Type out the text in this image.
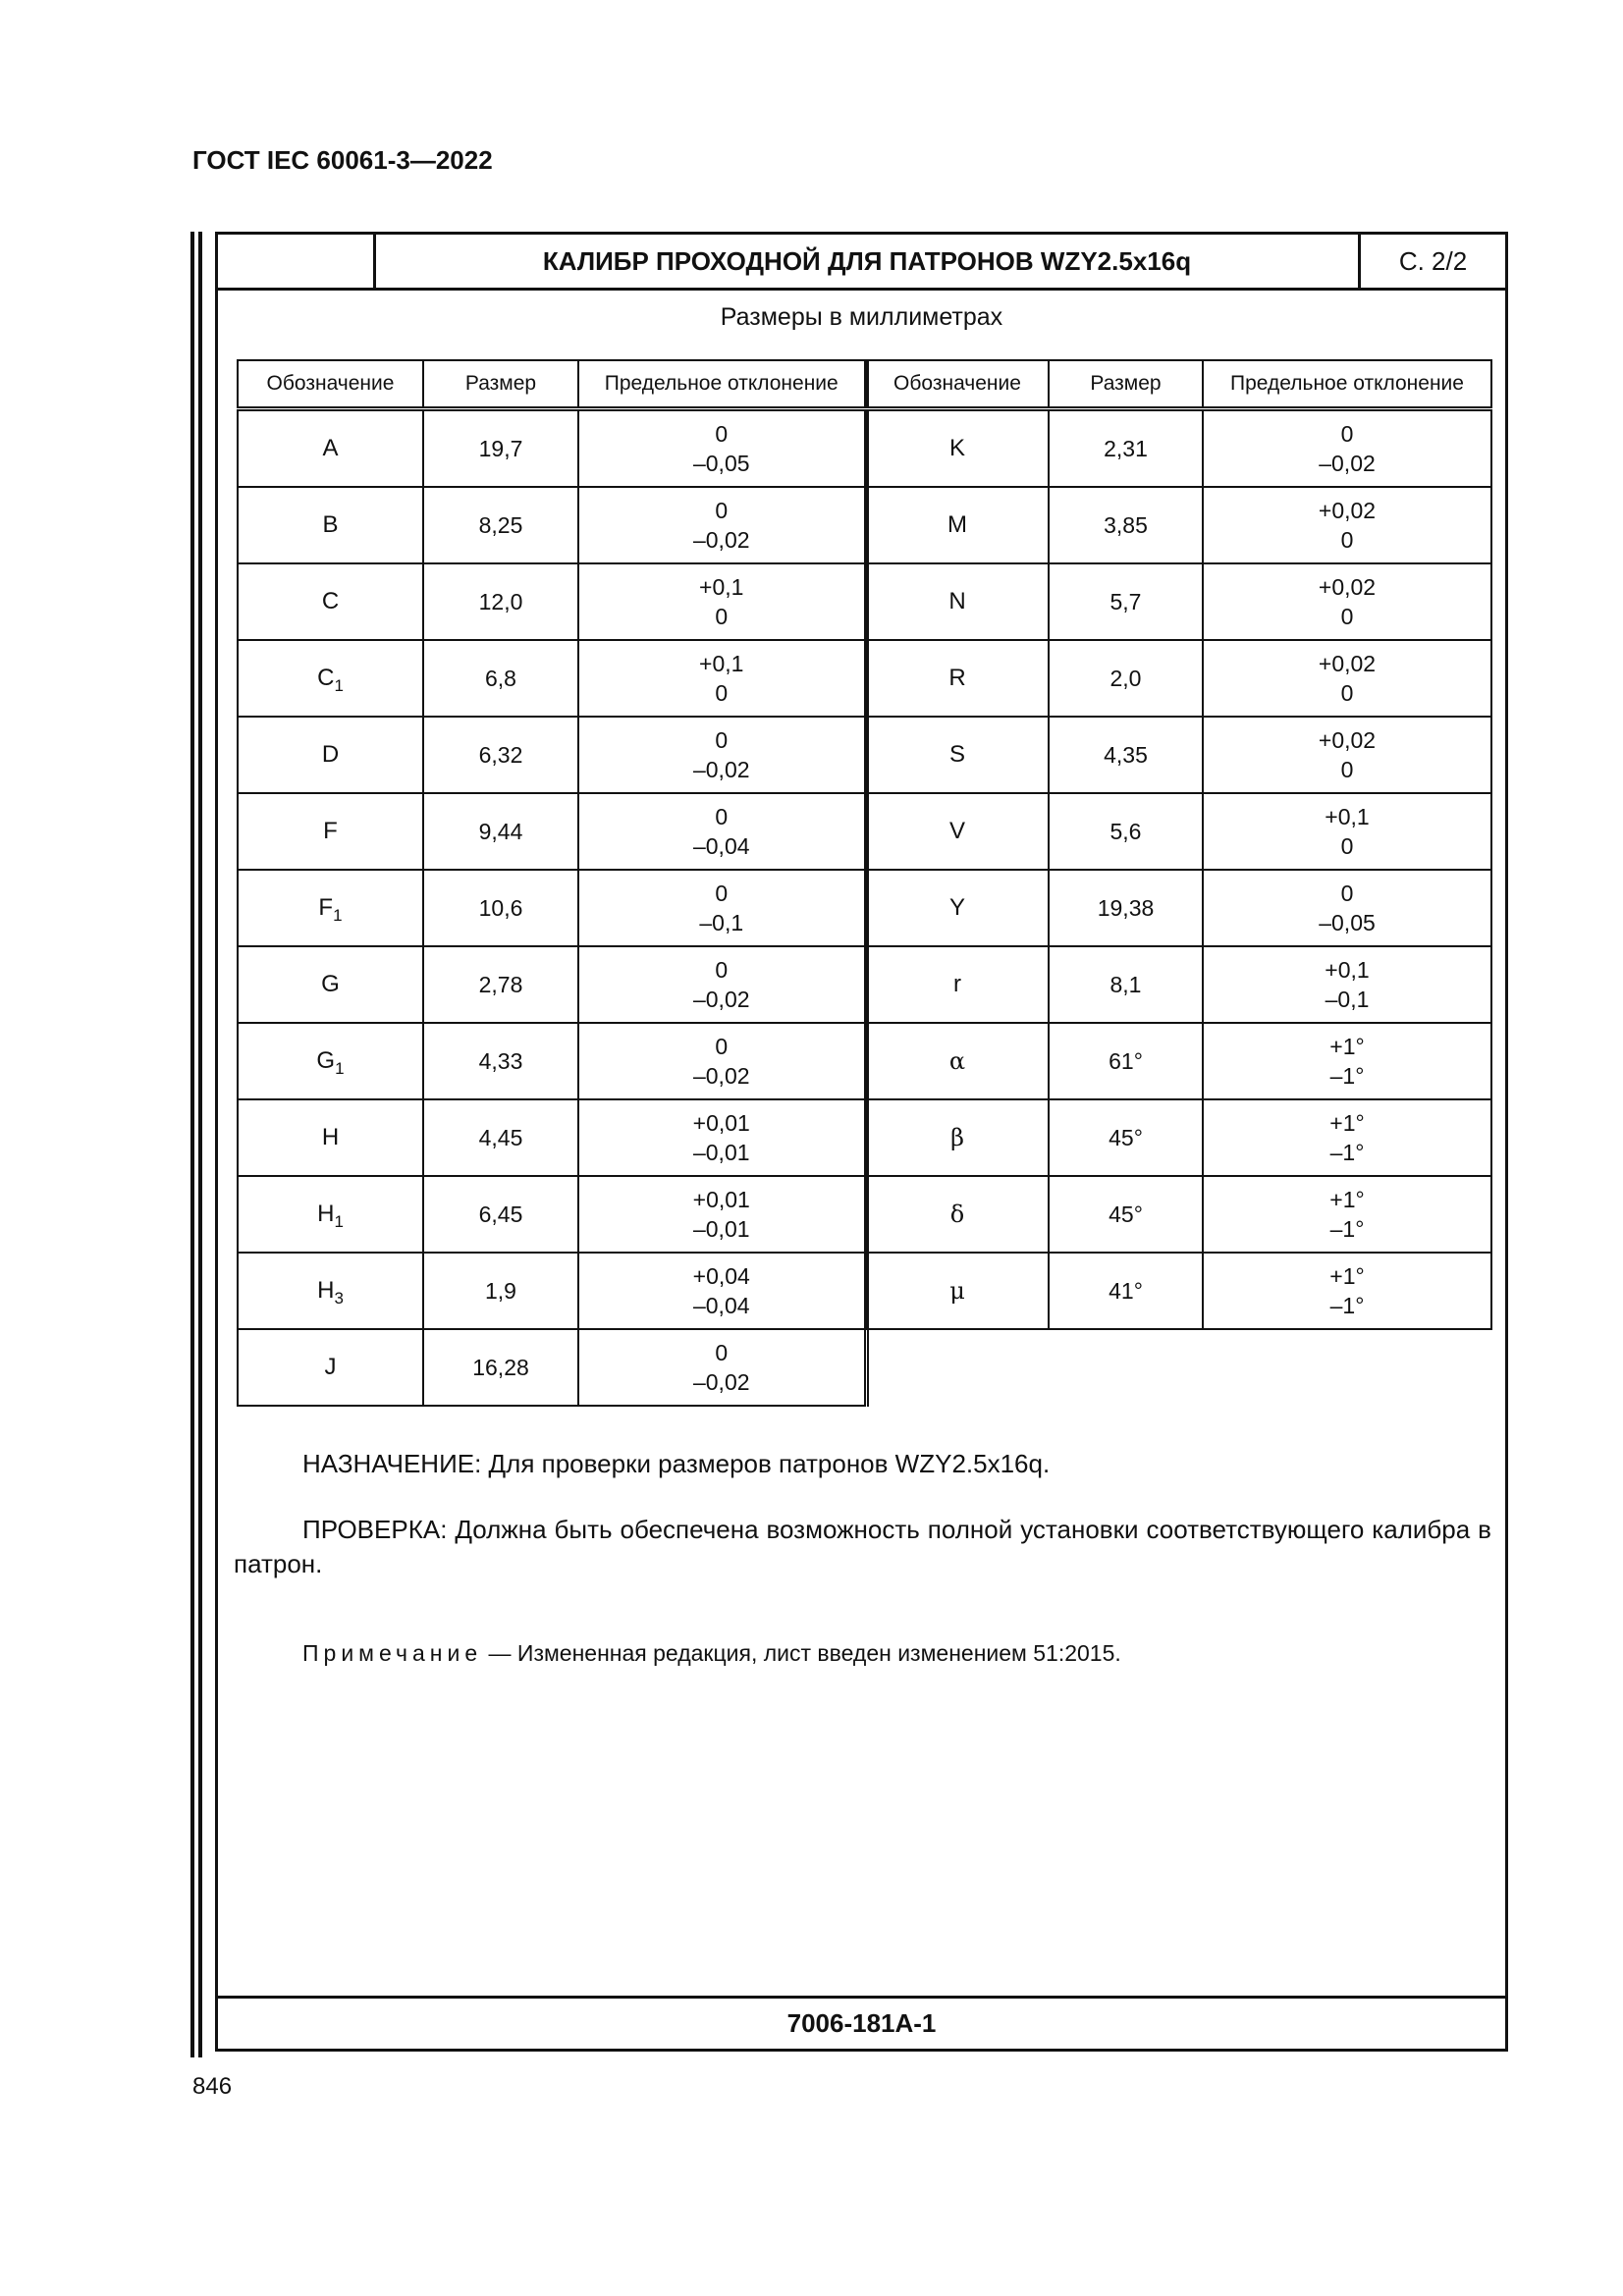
ГОСТ IEC 60061-3—2022
КАЛИБР ПРОХОДНОЙ ДЛЯ ПАТРОНОВ WZY2.5x16q	С. 2/2
Размеры в миллиметрах
Обозначение	Размер	Предельное отклонение
A	19,7	0
–0,05

B	8,25	0
–0,02

C	12,0	+0,1
0

$C_1$	6,8	+0,1
0

D	6,32	0
–0,02

F	9,44	0
–0,04

$F_1$	10,6	0
–0,1

G	2,78	0
–0,02

$G_1$	4,33	0
–0,02

H	4,45	+0,01
–0,01

$H_1$	6,45	+0,01
–0,01

$H_3$	1,9	+0,04
–0,04

J	16,28	0
–0,02
Обозначение	Размер	Предельное отклонение
K	2,31	0
–0,02

M	3,85	+0,02
0

N	5,7	+0,02
0

R	2,0	+0,02
0

S	4,35	+0,02
0

V	5,6	+0,1
0

Y	19,38	0
–0,05

r	8,1	+0,1
–0,1

α	61°	+1°
–1°

β	45°	+1°
–1°

δ	45°	+1°
–1°

μ	41°	+1°
–1°
НАЗНАЧЕНИЕ: Для проверки размеров патронов WZY2.5x16q.
ПРОВЕРКА: Должна быть обеспечена возможность полной установки соответствующего калибра в патрон.
Примечание — Измененная редакция, лист введен изменением 51:2015.
7006-181А-1
846
